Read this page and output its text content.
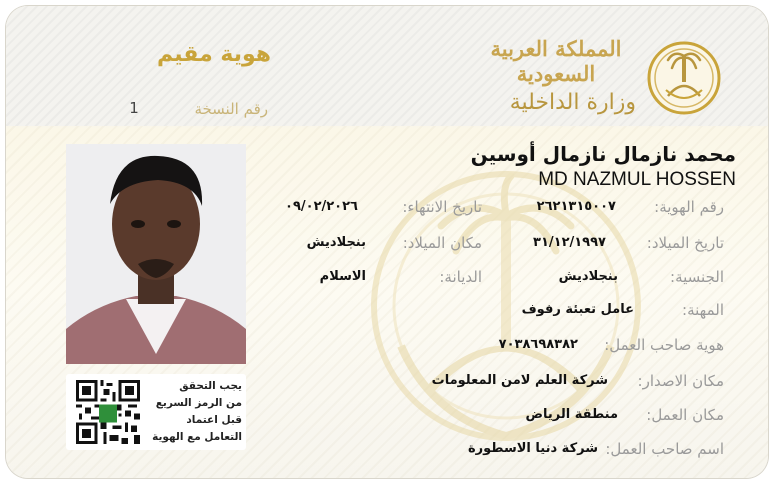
المملكة العربية السعودية
وزارة الداخلية
هوية مقيم
رقم النسخة
1
يجب التحقق
من الرمز السريع
قبل اعتماد
التعامل مع الهوية
محمد نازمال نازمال أوسين
MD NAZMUL HOSSEN
رقم الهوية:
٢٦٢١٣١٥٠٠٧
تاريخ الميلاد:
٣١/١٢/١٩٩٧
الجنسية:
بنجلاديش
المهنة:
عامل تعبئة رفوف
هوية صاحب العمل:
٧٠٣٨٦٩٨٣٨٢
مكان الاصدار:
شركة العلم لامن المعلومات
مكان العمل:
منطقة الرياض
اسم صاحب العمل:
شركة دنيا الاسطورة
تاريخ الانتهاء:
٠٩/٠٢/٢٠٢٦
مكان الميلاد:
بنجلاديش
الديانة:
الاسلام
